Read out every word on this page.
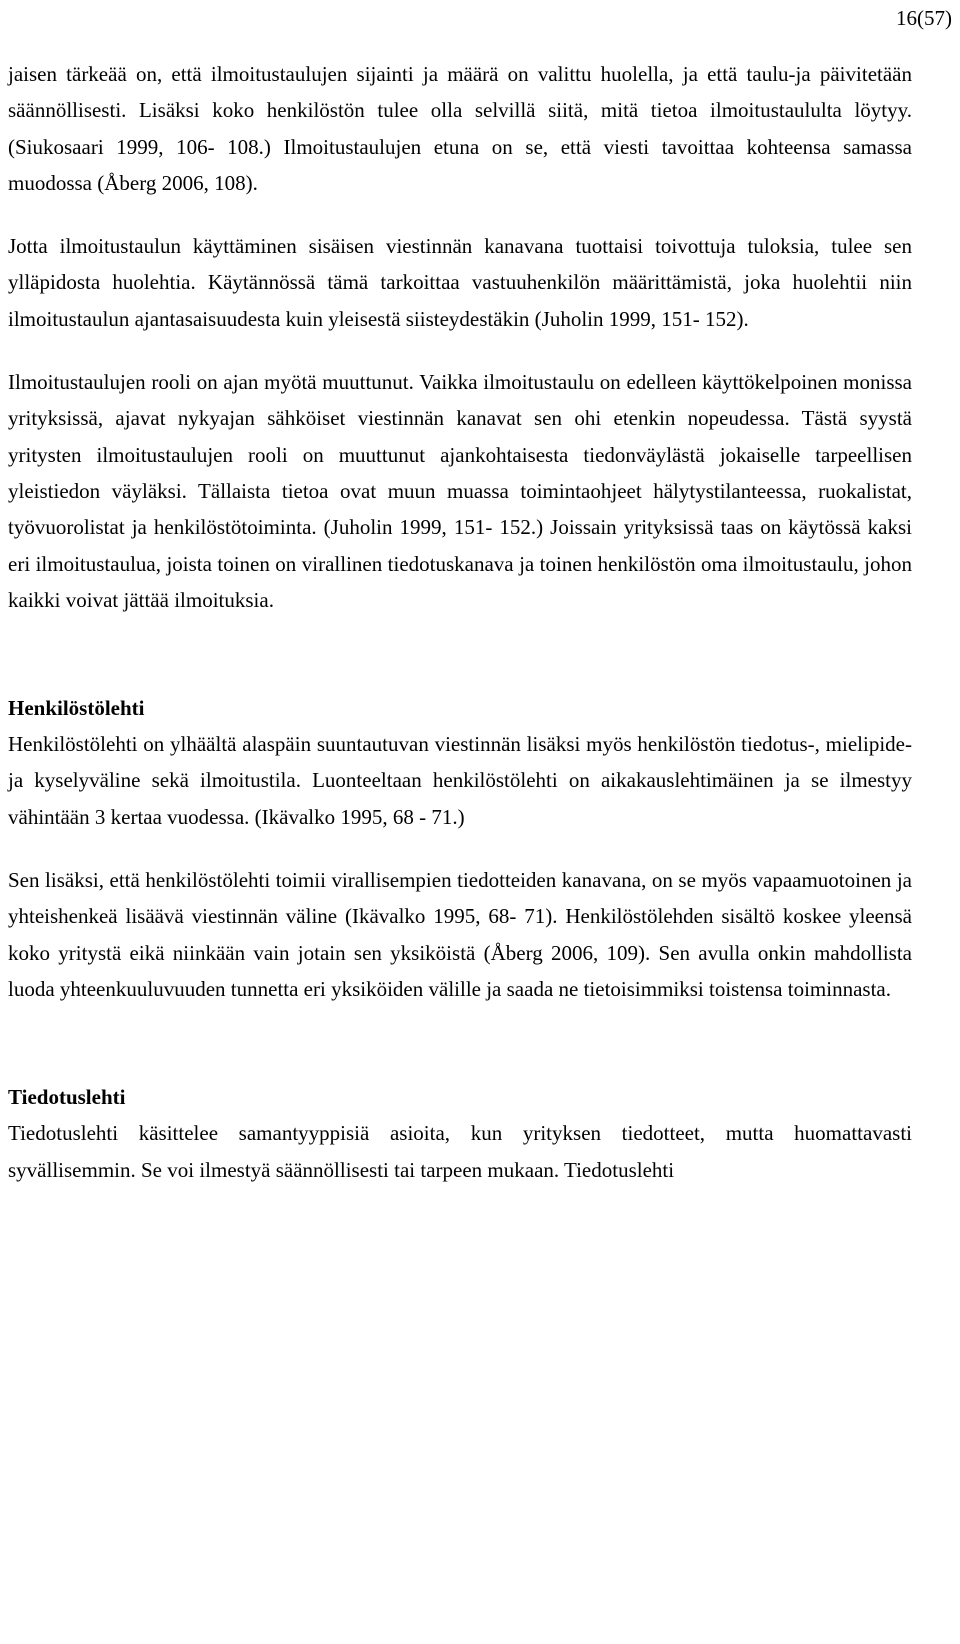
16(57)

jaisen tärkeää on, että ilmoitustaulujen sijainti ja määrä on valittu huolella, ja että taulu-ja päivitetään säännöllisesti. Lisäksi koko henkilöstön tulee olla selvillä siitä, mitä tietoa ilmoitustaululta löytyy. (Siukosaari 1999, 106- 108.) Ilmoitustaulujen etuna on se, että viesti tavoittaa kohteensa samassa muodossa (Åberg 2006, 108).

Jotta ilmoitustaulun käyttäminen sisäisen viestinnän kanavana tuottaisi toivottuja tuloksia, tulee sen ylläpidosta huolehtia. Käytännössä tämä tarkoittaa vastuuhenkilön määrittämistä, joka huolehtii niin ilmoitustaulun ajantasaisuudesta kuin yleisestä siisteydestäkin (Juholin 1999, 151- 152).

Ilmoitustaulujen rooli on ajan myötä muuttunut. Vaikka ilmoitustaulu on edelleen käyttökelpoinen monissa yrityksissä, ajavat nykyajan sähköiset viestinnän kanavat sen ohi etenkin nopeudessa. Tästä syystä yritysten ilmoitustaulujen rooli on muuttunut ajankohtaisesta tiedonväylästä jokaiselle tarpeellisen yleistiedon väyläksi. Tällaista tietoa ovat muun muassa toimintaohjeet hälytystilanteessa, ruokalistat, työvuorolistat ja henkilöstötoiminta. (Juholin 1999, 151- 152.) Joissain yrityksissä taas on käytössä kaksi eri ilmoitustaulua, joista toinen on virallinen tiedotuskanava ja toinen henkilöstön oma ilmoitustaulu, johon kaikki voivat jättää ilmoituksia.

Henkilöstölehti

Henkilöstölehti on ylhäältä alaspäin suuntautuvan viestinnän lisäksi myös henkilöstön tiedotus-, mielipide- ja kyselyväline sekä ilmoitustila. Luonteeltaan henkilöstölehti on aikakauslehtimäinen ja se ilmestyy vähintään 3 kertaa vuodessa. (Ikävalko 1995, 68 - 71.)

Sen lisäksi, että henkilöstölehti toimii virallisempien tiedotteiden kanavana, on se myös vapaamuotoinen ja yhteishenkeä lisäävä viestinnän väline (Ikävalko 1995, 68- 71). Henkilöstölehden sisältö koskee yleensä koko yritystä eikä niinkään vain jotain sen yksiköistä (Åberg 2006, 109). Sen avulla onkin mahdollista luoda yhteenkuuluvuuden tunnetta eri yksiköiden välille ja saada ne tietoisimmiksi toistensa toiminnasta.

Tiedotuslehti

Tiedotuslehti käsittelee samantyyppisiä asioita, kun yrityksen tiedotteet, mutta huomattavasti syvällisemmin. Se voi ilmestyä säännöllisesti tai tarpeen mukaan. Tiedotuslehti
